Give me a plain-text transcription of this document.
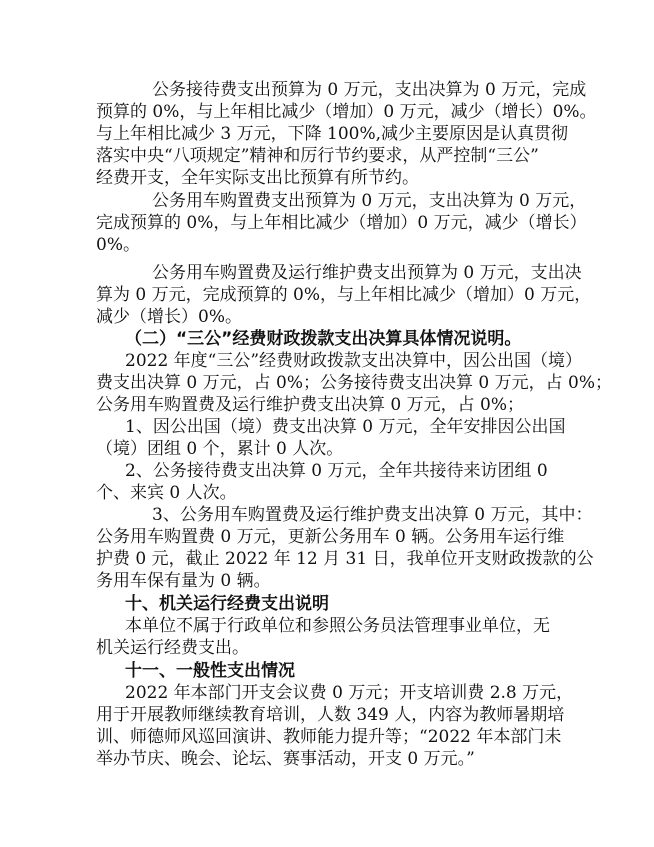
公务接待费支出预算为 0 万元，支出决算为 0 万元，完成
预算的 0%，与上年相比减少（增加）0 万元，减少（增长）0%。
与上年相比减少 3 万元，下降 100%,减少主要原因是认真贯彻
落实中央“八项规定”精神和厉行节约要求，从严控制“三公”
经费开支，全年实际支出比预算有所节约。
公务用车购置费支出预算为 0 万元，支出决算为 0 万元，
完成预算的 0%，与上年相比减少（增加）0 万元，减少（增长）
0%。
公务用车购置费及运行维护费支出预算为 0 万元，支出决
算为 0 万元，完成预算的 0%，与上年相比减少（增加）0 万元，
减少（增长）0%。
（二）“三公”经费财政拨款支出决算具体情况说明。
2022 年度“三公”经费财政拨款支出决算中，因公出国（境）
费支出决算 0 万元，占 0%；公务接待费支出决算 0 万元，占 0%；
公务用车购置费及运行维护费支出决算 0 万元，占 0%；
1、因公出国（境）费支出决算 0 万元，全年安排因公出国
（境）团组 0 个，累计 0 人次。
2、公务接待费支出决算 0 万元，全年共接待来访团组 0
个、来宾 0 人次。
3、公务用车购置费及运行维护费支出决算 0 万元，其中：
公务用车购置费 0 万元，更新公务用车 0 辆。公务用车运行维
护费 0 元，截止 2022 年 12 月 31 日，我单位开支财政拨款的公
务用车保有量为 0 辆。
十、机关运行经费支出说明
本单位不属于行政单位和参照公务员法管理事业单位，无
机关运行经费支出。
十一、一般性支出情况
2022 年本部门开支会议费 0 万元；开支培训费 2.8 万元，
用于开展教师继续教育培训，人数 349 人，内容为教师暑期培
训、师德师风巡回演讲、教师能力提升等；“2022 年本部门未
举办节庆、晚会、论坛、赛事活动，开支 0 万元。”
